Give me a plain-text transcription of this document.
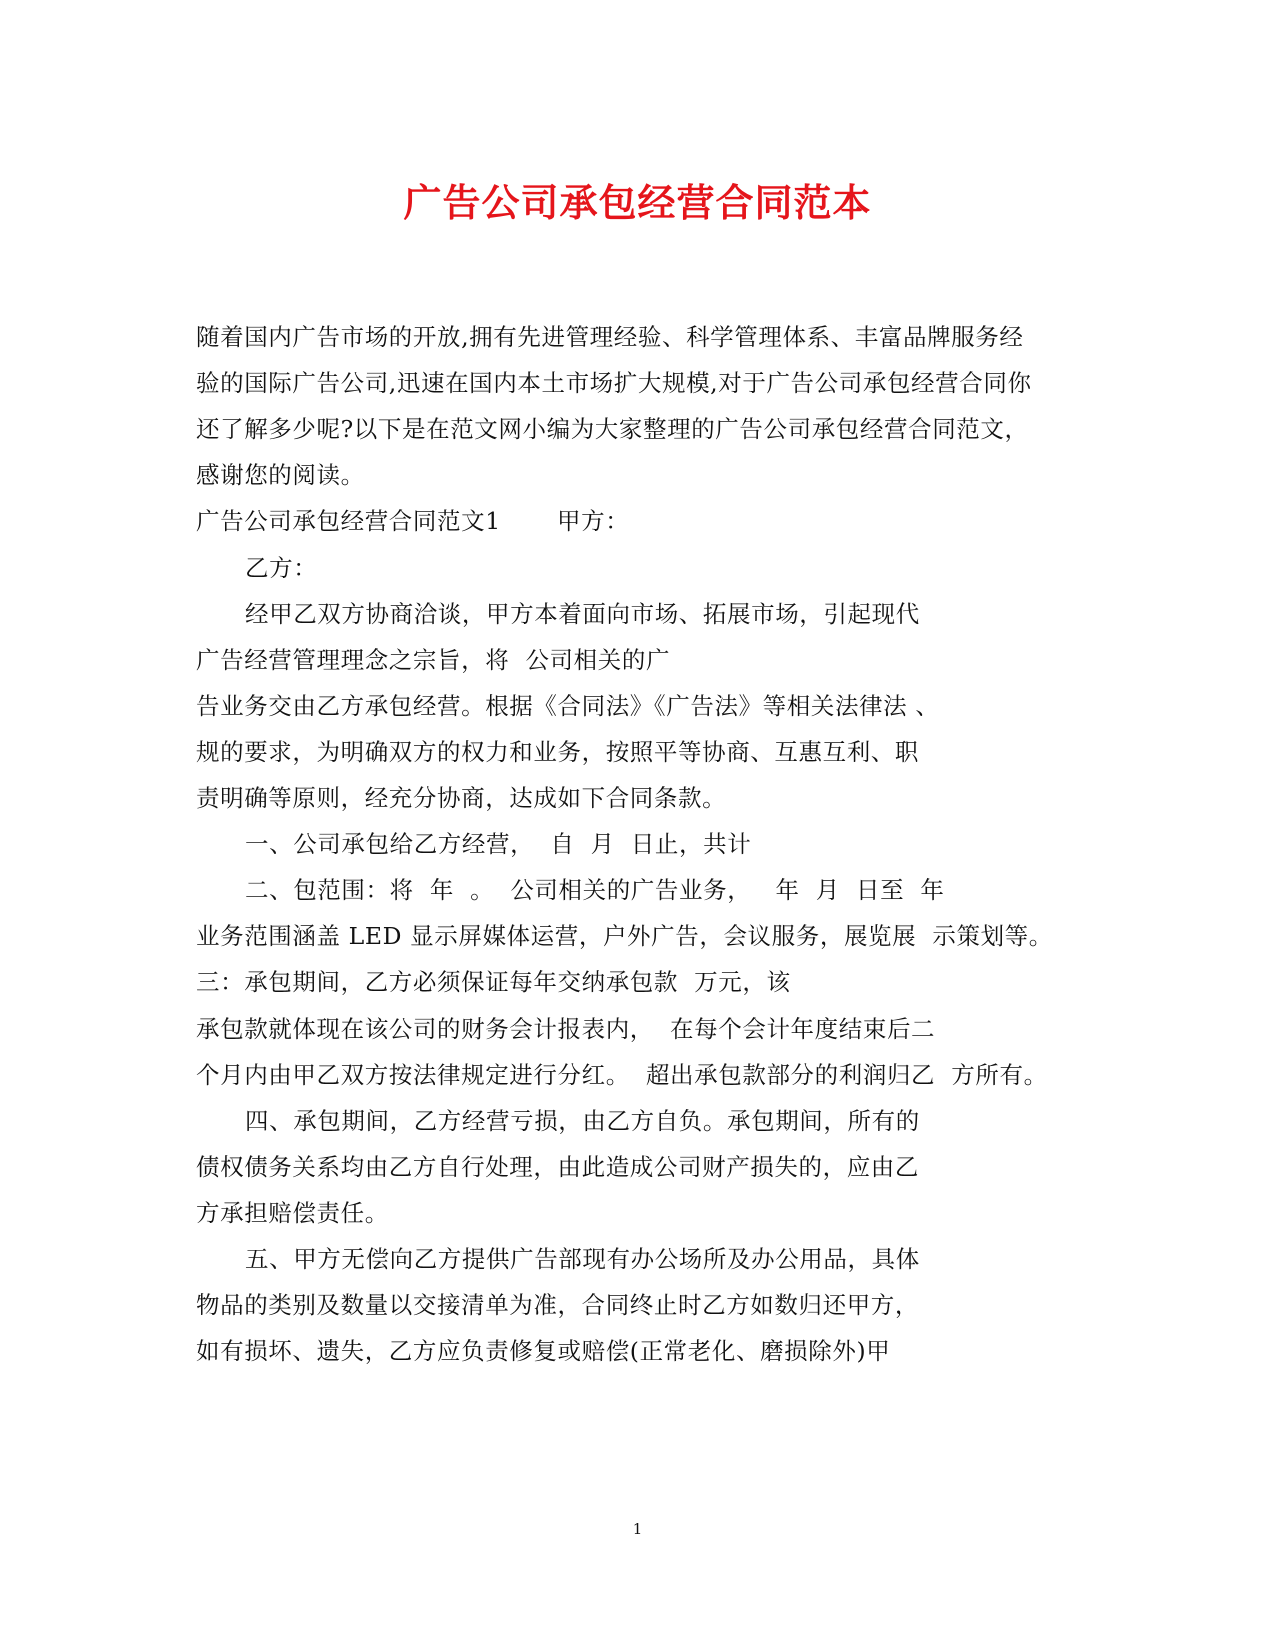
广告公司承包经营合同范本
随着国内广告市场的开放,拥有先进管理经验、科学管理体系、丰富品牌服务经
验的国际广告公司,迅速在国内本土市场扩大规模,对于广告公司承包经营合同你
还了解多少呢?以下是在范文网小编为大家整理的广告公司承包经营合同范文，
感谢您的阅读。
广告公司承包经营合同范文1　　 甲方：
乙方：
经甲乙双方协商洽谈，甲方本着面向市场、拓展市场，引起现代
广告经营管理理念之宗旨，将  公司相关的广
告业务交由乙方承包经营。根据《合同法》《广告法》等相关法律法 、
规的要求，为明确双方的权力和业务，按照平等协商、互惠互利、职
责明确等原则，经充分协商，达成如下合同条款。
一、公司承包给乙方经营，  自  月  日止，共计
二、包范围：将  年  。  公司相关的广告业务，   年  月  日至  年
业务范围涵盖 LED 显示屏媒体运营，户外广告，会议服务，展览展  示策划等。
三：承包期间，乙方必须保证每年交纳承包款  万元，该
承包款就体现在该公司的财务会计报表内，  在每个会计年度结束后二
个月内由甲乙双方按法律规定进行分红。  超出承包款部分的利润归乙  方所有。
四、承包期间，乙方经营亏损，由乙方自负。承包期间，所有的
债权债务关系均由乙方自行处理，由此造成公司财产损失的，应由乙
方承担赔偿责任。
五、甲方无偿向乙方提供广告部现有办公场所及办公用品，具体
物品的类别及数量以交接清单为准，合同终止时乙方如数归还甲方，
如有损坏、遗失，乙方应负责修复或赔偿(正常老化、磨损除外)甲
1
